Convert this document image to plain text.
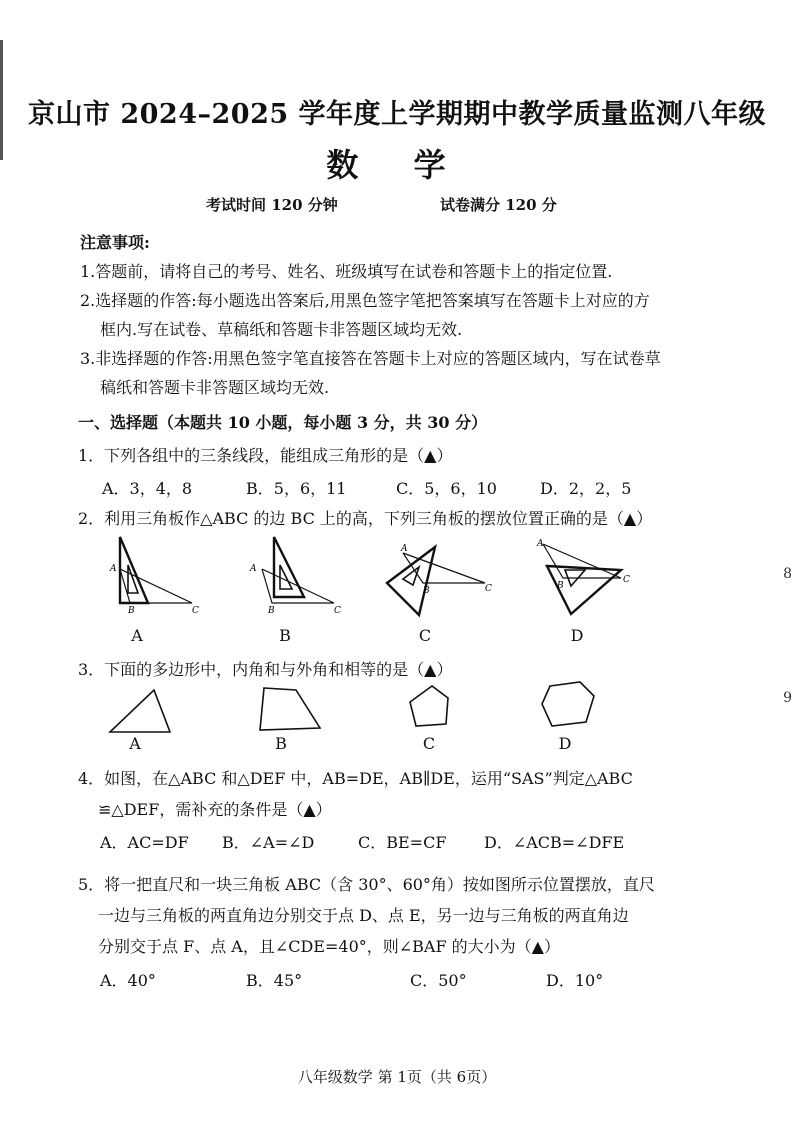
8
9
京山市 2024–2025 学年度上学期期中教学质量监测八年级
数 学
考试时间 120 分钟	试卷满分 120 分
注意事项:
1.答题前，请将自己的考号、姓名、班级填写在试卷和答题卡上的指定位置.
2.选择题的作答:每小题选出答案后,用黑色签字笔把答案填写在答题卡上对应的方
框内.写在试卷、草稿纸和答题卡非答题区域均无效.
3.非选择题的作答:用黑色签字笔直接答在答题卡上对应的答题区域内，写在试卷草
稿纸和答题卡非答题区域均无效.
一、选择题（本题共 10 小题，每小题 3 分，共 30 分）
1．下列各组中的三条线段，能组成三角形的是（▲）
A．3，4，8	B．5，6，11	C．5，6，10	D．2，2，5
2．利用三角板作△ABC 的边 BC 上的高，下列三角板的摆放位置正确的是（▲）
A
B	C
A
A
B	C
B
A
B	C
C
A
B
C
D
3．下面的多边形中，内角和与外角和相等的是（▲）
A	B	C	D
4．如图，在△ABC 和△DEF 中，AB=DE，AB∥DE，运用“SAS”判定△ABC
≌△DEF，需补充的条件是（▲）
A．AC=DF B．∠A=∠D	C．BE=CF D．∠ACB=∠DFE
5．将一把直尺和一块三角板 ABC（含 30°、60°角）按如图所示位置摆放，直尺
一边与三角板的两直角边分别交于点 D、点 E，另一边与三角板的两直角边
分别交于点 F、点 A，且∠CDE=40°，则∠BAF 的大小为（▲）
A．40°	B．45°	C．50°	D．10°
八年级数学 第 1页（共 6页）
